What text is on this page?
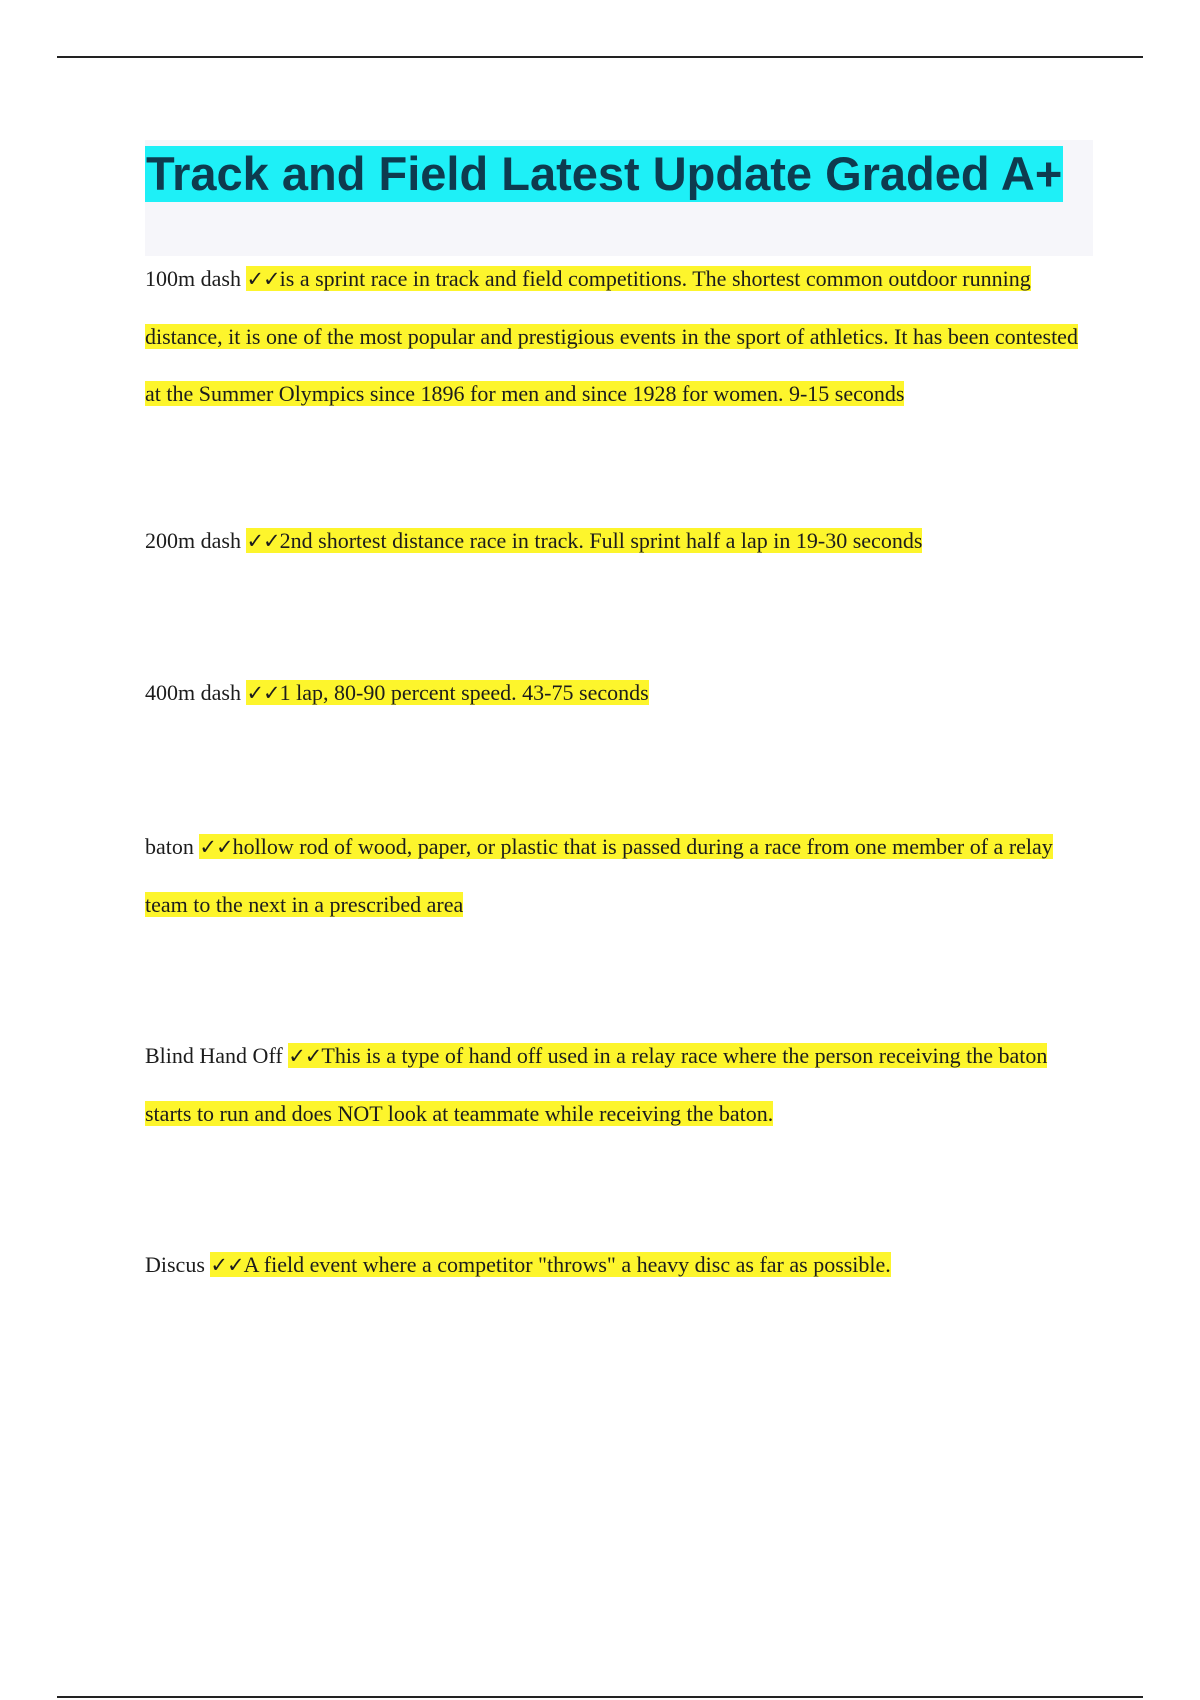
Track and Field Latest Update Graded A+
100m dash ✓✓is a sprint race in track and field competitions. The shortest common outdoor running distance, it is one of the most popular and prestigious events in the sport of athletics. It has been contested at the Summer Olympics since 1896 for men and since 1928 for women. 9-15 seconds
200m dash ✓✓2nd shortest distance race in track. Full sprint half a lap in 19-30 seconds
400m dash ✓✓1 lap, 80-90 percent speed. 43-75 seconds
baton ✓✓hollow rod of wood, paper, or plastic that is passed during a race from one member of a relay team to the next in a prescribed area
Blind Hand Off ✓✓This is a type of hand off used in a relay race where the person receiving the baton starts to run and does NOT look at teammate while receiving the baton.
Discus ✓✓A field event where a competitor "throws" a heavy disc as far as possible.
